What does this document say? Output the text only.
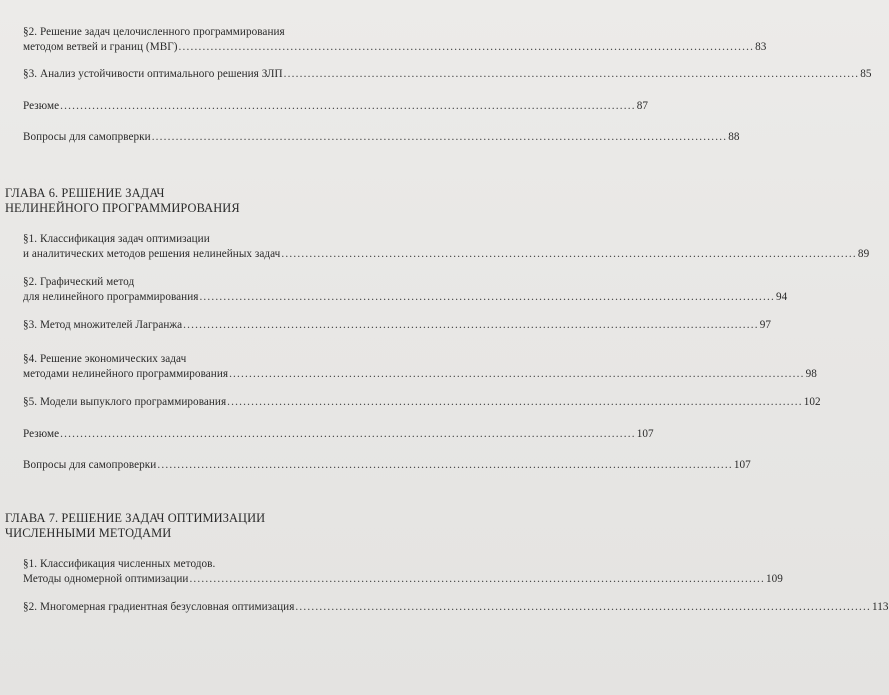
§2. Решение задач целочисленного программирования
методом ветвей и границ (МВГ) ................................................................................................................................................ 83
§3. Анализ устойчивости оптимального решения ЗЛП ................................................................................................................................................ 85
Резюме ................................................................................................................................................ 87
Вопросы для самопрверки ................................................................................................................................................ 88
ГЛАВА 6. РЕШЕНИЕ ЗАДАЧ
НЕЛИНЕЙНОГО ПРОГРАММИРОВАНИЯ
§1. Классификация задач оптимизации
и аналитических методов решения нелинейных задач ................................................................................................................................................ 89
§2. Графический метод
для нелинейного программирования ................................................................................................................................................ 94
§3. Метод множителей Лагранжа ................................................................................................................................................ 97
§4. Решение экономических задач
методами нелинейного программирования ................................................................................................................................................ 98
§5. Модели выпуклого программирования ................................................................................................................................................ 102
Резюме ................................................................................................................................................ 107
Вопросы для самопроверки ................................................................................................................................................ 107
ГЛАВА 7. РЕШЕНИЕ ЗАДАЧ ОПТИМИЗАЦИИ
ЧИСЛЕННЫМИ МЕТОДАМИ
§1. Классификация численных методов.
Методы одномерной оптимизации ................................................................................................................................................ 109
§2. Многомерная градиентная безусловная оптимизация ................................................................................................................................................ 113
